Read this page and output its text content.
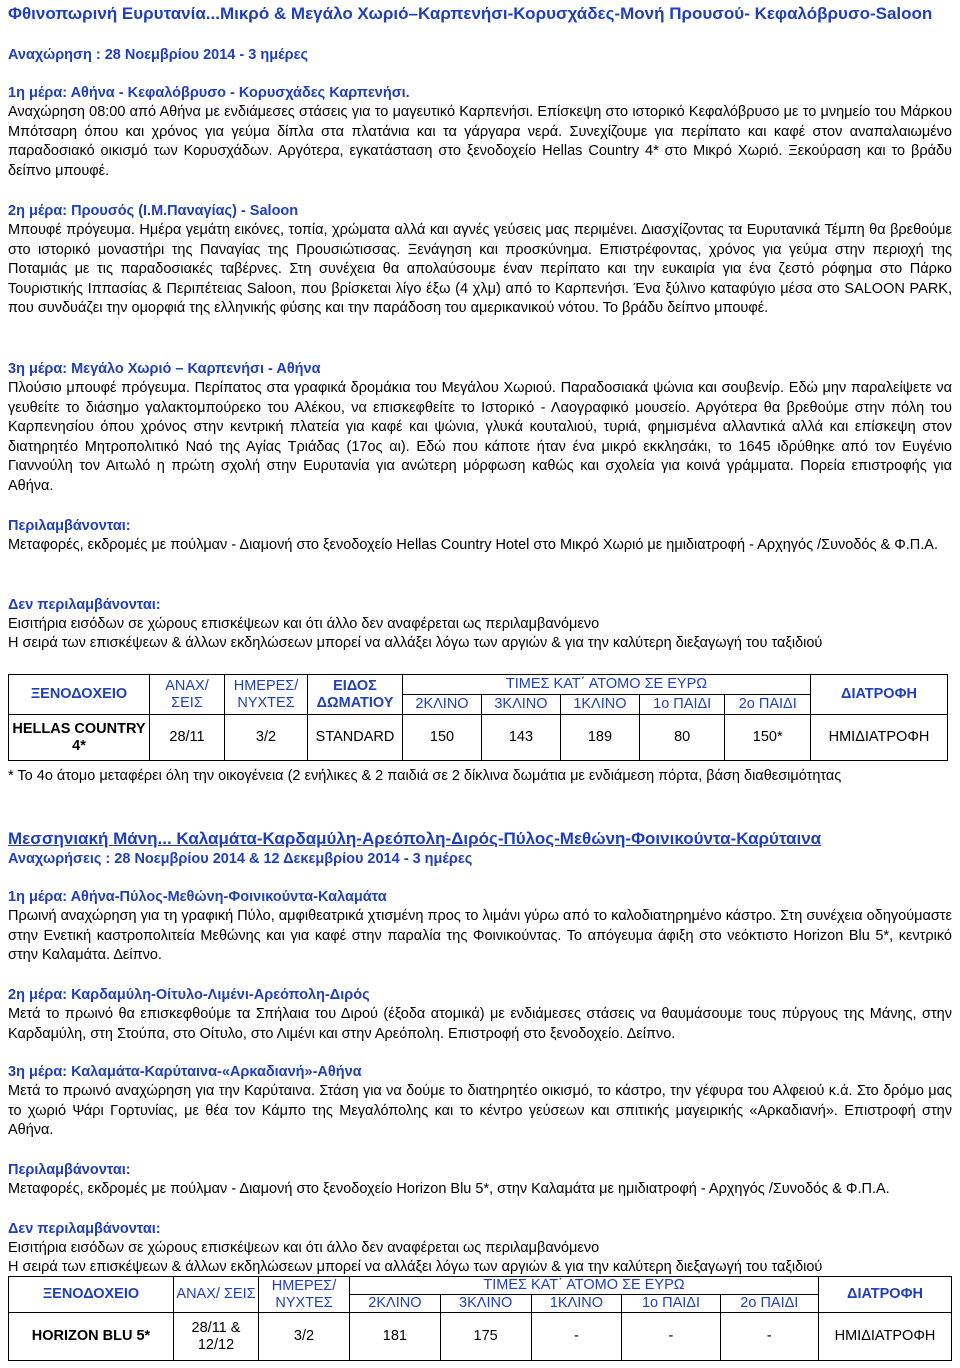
Φθινοπωρινή Ευρυτανία...Μικρό & Μεγάλο Χωριό–Καρπενήσι-Κορυσχάδες-Μονή Προυσού- Κεφαλόβρυσο-Saloon
Αναχώρηση : 28 Νοεμβρίου 2014 - 3 ημέρες
1η μέρα: Αθήνα - Κεφαλόβρυσο - Κορυσχάδες Καρπενήσι.

Αναχώρηση 08:00 από Αθήνα με ενδιάμεσες στάσεις για το μαγευτικό Καρπενήσι. Επίσκεψη στο ιστορικό Κεφαλόβρυσο με το μνημείο του Μάρκου Μπότσαρη όπου και χρόνος για γεύμα δίπλα στα πλατάνια και τα γάργαρα νερά. Συνεχίζουμε για περίπατο και καφέ στον αναπαλαιωμένο παραδοσιακό οικισμό των Κορυσχάδων. Αργότερα, εγκατάσταση στο ξενοδοχείο Hellas Country 4* στο Μικρό Χωριό. Ξεκούραση και το βράδυ δείπνο μπουφέ.

2η μέρα: Προυσός (Ι.Μ.Παναγίας) - Saloon

Μπουφέ πρόγευμα. Ημέρα γεμάτη εικόνες, τοπία, χρώματα αλλά και αγνές γεύσεις μας περιμένει. Διασχίζοντας τα Ευρυτανικά Τέμπη θα βρεθούμε στο ιστορικό μοναστήρι της Παναγίας της Προυσιώτισσας. Ξενάγηση και προσκύνημα. Επιστρέφοντας, χρόνος για γεύμα στην περιοχή της Ποταμιάς με τις παραδοσιακές ταβέρνες. Στη συνέχεια θα απολαύσουμε έναν περίπατο και την ευκαιρία για ένα ζεστό ρόφημα στο Πάρκο Τουριστικής Ιππασίας & Περιπέτειας Saloon, που βρίσκεται λίγο έξω (4 χλμ) από το Καρπενήσι. Ένα ξύλινο καταφύγιο μέσα στο SALOON PARK, που συνδυάζει την ομορφιά της ελληνικής φύσης και την παράδοση του αμερικανικού νότου. Το βράδυ δείπνο μπουφέ.

3η μέρα: Μεγάλο Χωριό – Καρπενήσι - Αθήνα

Πλούσιο μπουφέ πρόγευμα. Περίπατος στα γραφικά δρομάκια του Μεγάλου Χωριού. Παραδοσιακά ψώνια και σουβενίρ. Εδώ μην παραλείψετε να γευθείτε το διάσημο γαλακτομπούρεκο του Αλέκου, να επισκεφθείτε το Ιστορικό - Λαογραφικό μουσείο. Αργότερα θα βρεθούμε στην πόλη του Καρπενησίου όπου χρόνος στην κεντρική πλατεία για καφέ και ψώνια, γλυκά κουταλιού, τυριά, φημισμένα αλλαντικά αλλά και επίσκεψη στον διατηρητέο Μητροπολιτικό Ναό της Αγίας Τριάδας (17ος αι). Εδώ που κάποτε ήταν ένα μικρό εκκλησάκι, το 1645 ιδρύθηκε από τον Ευγένιο Γιαννούλη τον Αιτωλό η πρώτη σχολή στην Ευρυτανία για ανώτερη μόρφωση καθώς και σχολεία για κοινά γράμματα. Πορεία επιστροφής για Αθήνα.

Περιλαμβάνονται:

Μεταφορές, εκδρομές με πούλμαν - Διαμονή στο ξενοδοχείο Hellas Country Hotel στο Μικρό Χωριό με ημιδιατροφή - Αρχηγός /Συνοδός & Φ.Π.Α.

Δεν περιλαμβάνονται:

Εισιτήρια εισόδων σε χώρους επισκέψεων και ότι άλλο δεν αναφέρεται ως περιλαμβανόμενο

Η σειρά των επισκέψεων & άλλων εκδηλώσεων μπορεί να αλλάξει λόγω των αργιών & για την καλύτερη διεξαγωγή του ταξιδιού

ΞΕΝΟΔΟΧΕΙΟ	ΑΝΑΧ/ ΣΕΙΣ	ΗΜΕΡΕΣ/ ΝΥΧΤΕΣ	ΕΙΔΟΣ ΔΩΜΑΤΙΟΥ	ΤΙΜΕΣ ΚΑΤ΄ ΑΤΟΜΟ ΣΕ ΕΥΡΩ					ΔΙΑΤΡΟΦΗ
				2ΚΛΙΝΟ	3ΚΛΙΝΟ	1ΚΛΙΝΟ	1ο ΠΑΙΔΙ	2ο ΠΑΙΔΙ	
HELLAS COUNTRY 4*	28/11	3/2	STANDARD	150	143	189	80	150*	ΗΜΙΔΙΑΤΡΟΦΗ

* Το 4ο άτομο μεταφέρει όλη την οικογένεια (2 ενήλικες & 2 παιδιά σε 2 δίκλινα δωμάτια με ενδιάμεση πόρτα, βάση διαθεσιμότητας

Μεσσηνιακή Μάνη... Καλαμάτα-Καρδαμύλη-Αρεόπολη-Διρός-Πύλος-Μεθώνη-Φοινικούντα-Καρύταινα
Αναχωρήσεις : 28 Νοεμβρίου 2014 & 12 Δεκεμβρίου 2014 - 3 ημέρες
1η μέρα: Αθήνα-Πύλος-Μεθώνη-Φοινικούντα-Καλαμάτα

Πρωινή αναχώρηση για τη γραφική Πύλο, αμφιθεατρικά χτισμένη προς το λιμάνι γύρω από το καλοδιατηρημένο κάστρο. Στη συνέχεια οδηγούμαστε στην Ενετική καστροπολιτεία Μεθώνης και για καφέ στην παραλία της Φοινικούντας. Το απόγευμα άφιξη στο νεόκτιστο Horizon Blu 5*, κεντρικό στην Καλαμάτα. Δείπνο.

2η μέρα: Καρδαμύλη-Οίτυλο-Λιμένι-Αρεόπολη-Διρός

Μετά το πρωινό θα επισκεφθούμε τα Σπήλαια του Διρού (έξοδα ατομικά) με ενδιάμεσες στάσεις να θαυμάσουμε τους πύργους της Μάνης, στην Καρδαμύλη, στη Στούπα, στο Οίτυλο, στο Λιμένι και στην Αρεόπολη. Επιστροφή στο ξενοδοχείο. Δείπνο.

3η μέρα: Καλαμάτα-Καρύταινα-«Αρκαδιανή»-Αθήνα

Μετά το πρωινό αναχώρηση για την Καρύταινα. Στάση για να δούμε το διατηρητέο οικισμό, το κάστρο, την γέφυρα του Αλφειού κ.ά. Στο δρόμο μας το χωριό Ψάρι Γορτυνίας, με θέα τον Κάμπο της Μεγαλόπολης και το κέντρο γεύσεων και σπιτικής μαγειρικής «Αρκαδιανή». Επιστροφή στην Αθήνα.

Περιλαμβάνονται:

Μεταφορές, εκδρομές με πούλμαν - Διαμονή στο ξενοδοχείο Horizon Blu 5*, στην Καλαμάτα με ημιδιατροφή - Αρχηγός /Συνοδός & Φ.Π.Α.

Δεν περιλαμβάνονται:

Εισιτήρια εισόδων σε χώρους επισκέψεων και ότι άλλο δεν αναφέρεται ως περιλαμβανόμενο

Η σειρά των επισκέψεων & άλλων εκδηλώσεων μπορεί να αλλάξει λόγω των αργιών & για την καλύτερη διεξαγωγή του ταξιδιού

ΞΕΝΟΔΟΧΕΙΟ	ΑΝΑΧ/ ΣΕΙΣ	ΗΜΕΡΕΣ/ ΝΥΧΤΕΣ	ΤΙΜΕΣ ΚΑΤ΄ ΑΤΟΜΟ ΣΕ ΕΥΡΩ					ΔΙΑΤΡΟΦΗ
			2ΚΛΙΝΟ	3ΚΛΙΝΟ	1ΚΛΙΝΟ	1ο ΠΑΙΔΙ	2ο ΠΑΙΔΙ	
HORIZON BLU 5*	28/11 & 12/12	3/2	181	175	-	-	-	ΗΜΙΔΙΑΤΡΟΦΗ
